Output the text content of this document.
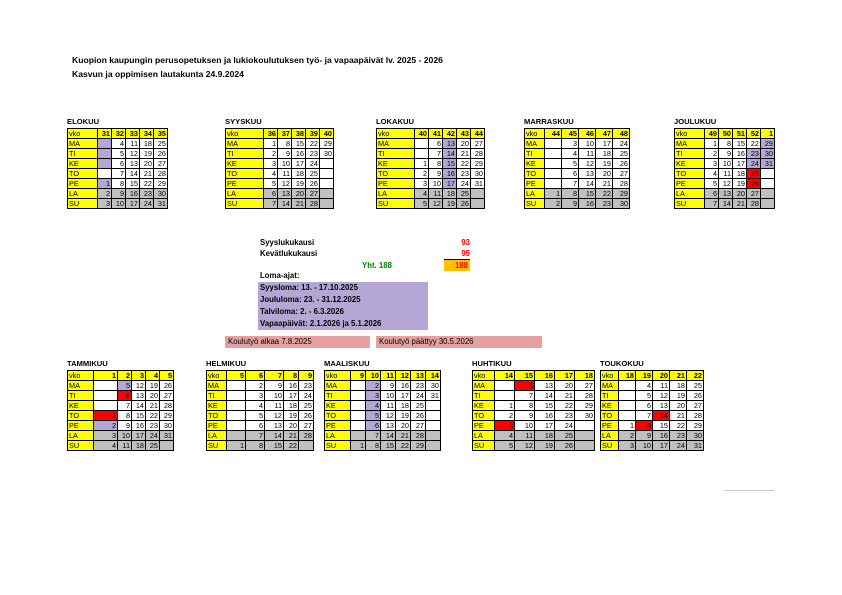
Kuopion kaupungin perusopetuksen ja lukiokoulutuksen työ- ja vapaapäivät lv. 2025 - 2026
Kasvun ja oppimisen lautakunta 24.9.2024
ELOKUU
vko	31	32	33	34	35
MA		4	11	18	25
TI		5	12	19	26
KE		6	13	20	27
TO		7	14	21	28
PE	1	8	15	22	29
LA	2	9	16	23	30
SU	3	10	17	24	31
SYYSKUU
vko	36	37	38	39	40
MA	1	8	15	22	29
TI	2	9	16	23	30
KE	3	10	17	24	
TO	4	11	18	25	
PE	5	12	19	26	
LA	6	13	20	27	
SU	7	14	21	28	
LOKAKUU
vko	40	41	42	43	44
MA		6	13	20	27
TI		7	14	21	28
KE	1	8	15	22	29
TO	2	9	16	23	30
PE	3	10	17	24	31
LA	4	11	18	25	
SU	5	12	19	26	
MARRASKUU
vko	44	45	46	47	48
MA		3	10	17	24
TI		4	11	18	25
KE		5	12	19	26
TO		6	13	20	27
PE		7	14	21	28
LA	1	8	15	22	29
SU	2	9	16	23	30
JOULUKUU
vko	49	50	51	52	1
MA	1	8	15	22	29
TI	2	9	16	23	30
KE	3	10	17	24	31
TO	4	11	18	25	
PE	5	12	19	26	
LA	6	13	20	27	
SU	7	14	21	28	
TAMMIKUU
vko	1	2	3	4	5
MA		5	12	19	26
TI		6	13	20	27
KE		7	14	21	28
TO	1	8	15	22	29
PE	2	9	16	23	30
LA	3	10	17	24	31
SU	4	11	18	25	
HELMIKUU
vko	5	6	7	8	9
MA		2	9	16	23
TI		3	10	17	24
KE		4	11	18	25
TO		5	12	19	26
PE		6	13	20	27
LA		7	14	21	28
SU	1	8	15	22	
MAALISKUU
vko	9	10	11	12	13	14
MA		2	9	16	23	30
TI		3	10	17	24	31
KE		4	11	18	25	
TO		5	12	19	26	
PE		6	13	20	27	
LA		7	14	21	28	
SU	1	8	15	22	29	
HUHTIKUU
vko	14	15	16	17	18
MA		6	13	20	27
TI		7	14	21	28
KE	1	8	15	22	29
TO	2	9	16	23	30
PE	3	10	17	24	
LA	4	11	18	25	
SU	5	12	19	26	
TOUKOKUU
vko	18	19	20	21	22
MA		4	11	18	25
TI		5	12	19	26
KE		6	13	20	27
TO		7	14	21	28
PE	1	8	15	22	29
LA	2	9	16	23	30
SU	3	10	17	24	31
Syyslukukausi	93
Kevätlukukausi	95
Yht. 188	188
Loma-ajat:
Syysloma: 13. - 17.10.2025
Joululoma: 23. - 31.12.2025
Talviloma: 2. - 6.3.2026
Vapaapäivät: 2.1.2026 ja 5.1.2026
Koulutyö alkaa 7.8.2025	Koulutyö päättyy 30.5.2026
